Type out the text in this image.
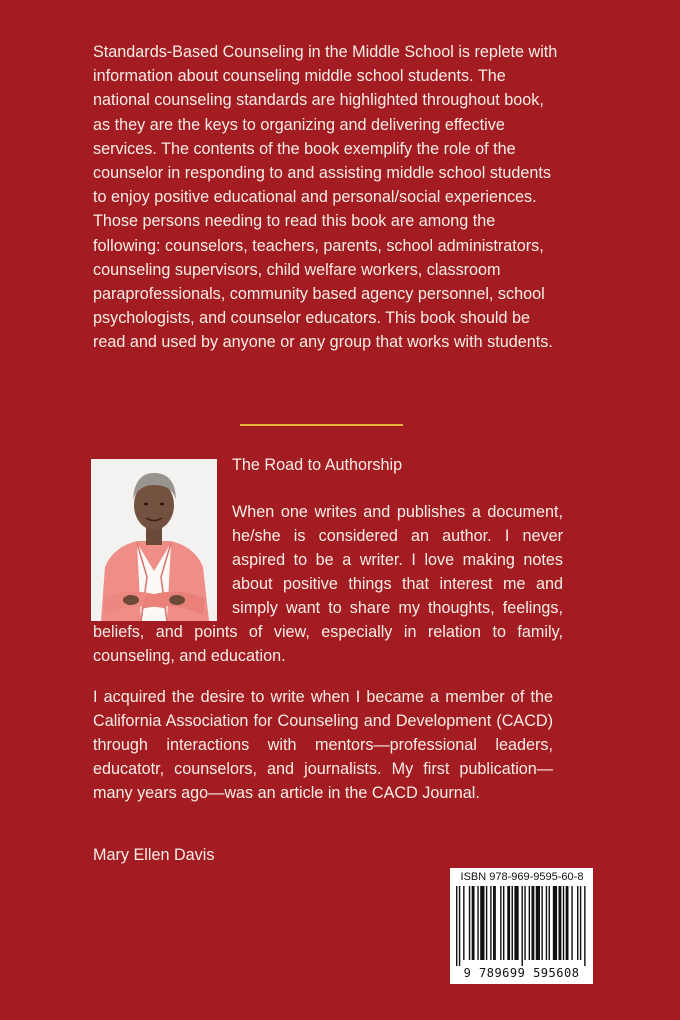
Standards-Based Counseling in the Middle School is replete with information about counseling middle school students. The national counseling standards are highlighted throughout book, as they are the keys to organizing and delivering effective services. The contents of the book exemplify the role of the counselor in responding to and assisting middle school students to enjoy positive educational and personal/social experiences. Those persons needing to read this book are among the following: counselors, teachers, parents, school administrators, counseling supervisors, child welfare workers, classroom paraprofessionals, community based agency personnel, school psychologists, and counselor educators. This book should be read and used by anyone or any group that works with students.

The Road to Authorship

When one writes and publishes a document, he/she is considered an author. I never aspired to be a writer. I love making notes about positive things that interest me and simply want to share my thoughts, feelings, beliefs, and points of view, especially in relation to family, counseling, and education.

I acquired the desire to write when I became a member of the California Association for Counseling and Development (CACD) through interactions with mentors—professional leaders, educatotr, counselors, and journalists. My first publication—many years ago—was an article in the CACD Journal.

Mary Ellen Davis

ISBN 978-969-9595-60-8
9 789699 595608
